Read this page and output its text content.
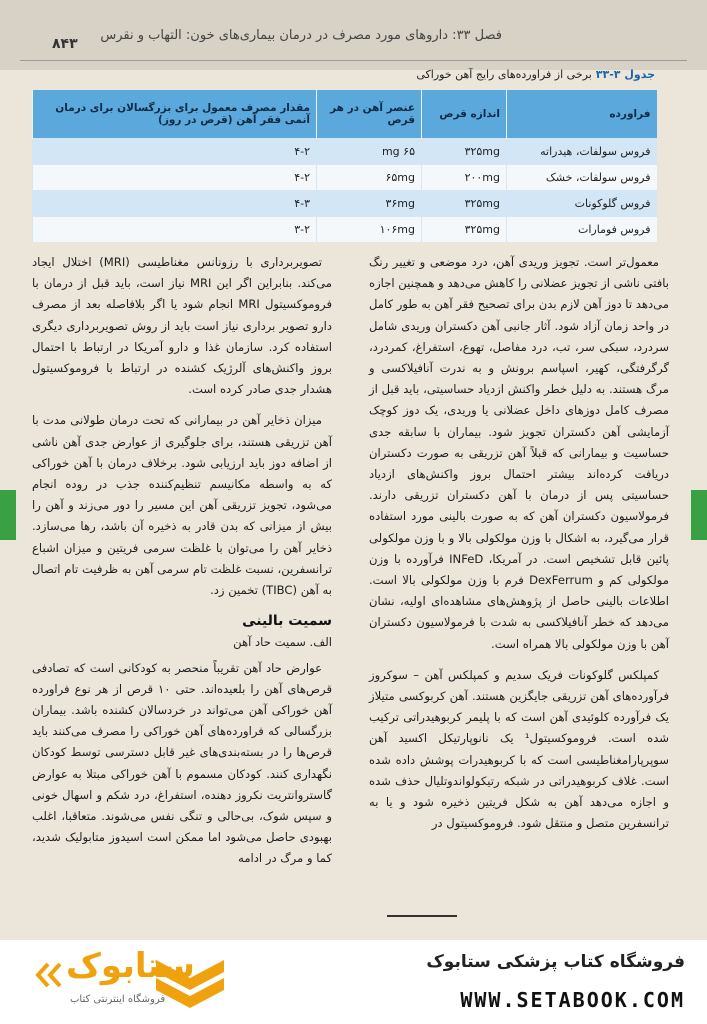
فصل ۳۳: داروهای مورد مصرف در درمان بیماری‌های خون: التهاب و نقرس
۸۴۳
جدول ۳-۳۳برخی از فراورده‌های رایج آهن خوراکی
فراورده	اندازه قرص	عنصر آهن در هر قرص	مقدار مصرف معمول برای بزرگسالان برای درمان آنمی فقر آهن (قرص در روز)
فروس سولفات، هیدراته	۳۲۵mg	۶۵ mg	۴-۲
فروس سولفات، خشک	۲۰۰mg	۶۵mg	۴-۲
فروس گلوکونات	۳۲۵mg	۳۶mg	۴-۳
فروس فومارات	۳۲۵mg	۱۰۶mg	۳-۲

معمول‌تر است. تجویز وریدی آهن، درد موضعی و تغییر رنگ بافتی ناشی از تجویز عضلانی را کاهش می‌دهد و همچنین اجازه می‌دهد تا دوز آهن لازم بدن برای تصحیح فقر آهن به طور کامل در واحد زمان آزاد شود. آثار جانبی آهن دکستران وریدی شامل سردرد، سبکی سر، تب، درد مفاصل، تهوع، استفراغ، کمردرد، گرگرفتگی، کهیر، اسپاسم برونش و به ندرت آنافیلاکسی و مرگ هستند. به دلیل خطر واکنش ازدیاد حساسیتی، باید قبل از مصرف کامل دوزهای داخل عضلانی یا وریدی، یک دوز کوچک آزمایشی آهن دکستران تجویز شود. بیماران با سابقه جدی حساسیت و بیمارانی که قبلاً آهن تزریقی به صورت دکستران دریافت کرده‌اند بیشتر احتمال بروز واکنش‌های ازدیاد حساسیتی پس از درمان با آهن دکستران تزریقی دارند. فرمولاسیون دکستران آهن که به صورت بالینی مورد استفاده قرار می‌گیرد، به اشکال با وزن مولکولی بالا و با وزن مولکولی پائین قابل تشخیص است. در آمریکا، INFeD فرآورده با وزن مولکولی کم و DexFerrum فرم با وزن مولکولی بالا است. اطلاعات بالینی حاصل از پژوهش‌های مشاهده‌ای اولیه، نشان می‌دهد که خطر آنافیلاکسی به شدت با فرمولاسیون دکستران آهن با وزن مولکولی بالا همراه است.

کمپلکس گلوکونات فریک سدیم و کمپلکس آهن – سوکروز فرآورده‌های آهن تزریقی جایگزین هستند. آهن کربوکسی متیلاز یک فرآورده کلوئیدی آهن است که با پلیمر کربوهیدراتی ترکیب شده است. فروموکسیتول¹ یک نانوپارتیکل اکسید آهن سوپرپارامغناطیسی است که با کربوهیدرات پوشش داده شده است. غلاف کربوهیدراتی در شبکه رتیکولواندوتلیال حذف شده و اجازه می‌دهد آهن به شکل فریتین ذخیره شود و یا به ترانسفرین متصل و منتقل شود. فروموکسیتول در

تصویربرداری با رزونانس مغناطیسی (MRI) اختلال ایجاد می‌کند. بنابراین اگر این MRI نیاز است، باید قبل از درمان با فروموکسیتول MRI انجام شود یا اگر بلافاصله بعد از مصرف دارو تصویر برداری نیاز است باید از روش تصویربرداری دیگری استفاده کرد. سازمان غذا و دارو آمریکا در ارتباط با احتمال بروز واکنش‌های آلرژیک کشنده در ارتباط با فروموکسیتول هشدار جدی صادر کرده است.

میزان ذخایر آهن در بیمارانی که تحت درمان طولانی مدت با آهن تزریقی هستند، برای جلوگیری از عوارض جدی آهن ناشی از اضافه دوز باید ارزیابی شود. برخلاف درمان با آهن خوراکی که به واسطه مکانیسم تنظیم‌کننده جذب در روده انجام می‌شود، تجویز تزریقی آهن این مسیر را دور می‌زند و آهن را بیش از میزانی که بدن قادر به ذخیره آن باشد، رها می‌سازد. ذخایر آهن را می‌توان با غلظت سرمی فریتین و میزان اشباع ترانسفرین، نسبت غلظت تام سرمی آهن به ظرفیت تام اتصال به آهن (TIBC) تخمین زد.

سمیت بالینی
الف. سمیت حاد آهن

عوارض حاد آهن تقریباً منحصر به کودکانی است که تصادفی قرص‌های آهن را بلعیده‌اند. حتی ۱۰ قرص از هر نوع فراورده آهن خوراکی آهن می‌تواند در خردسالان کشنده باشد. بیماران بزرگسالی که فراورده‌های آهن خوراکی را مصرف می‌کنند باید قرص‌ها را در بسته‌بندی‌های غیر قابل دسترسی توسط کودکان نگهداری کنند. کودکان مسموم با آهن خوراکی مبتلا به عوارض گاستروانتریت نکروز دهنده، استفراغ، درد شکم و اسهال خونی و سپس شوک، بی‌حالی و تنگی نفس می‌شوند. متعاقبا، اغلب بهبودی حاصل می‌شود اما ممکن است اسیدوز متابولیک شدید، کما و مرگ در ادامه

فروشگاه کتاب پزشکی ستابوک
WWW.SETABOOK.COM
ستابوک
فروشگاه اینترنتی کتاب
